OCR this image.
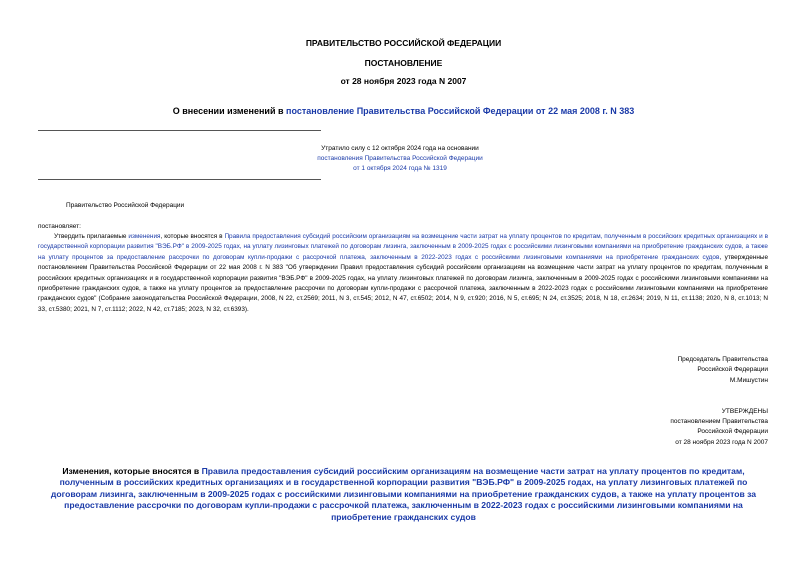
ПРАВИТЕЛЬСТВО РОССИЙСКОЙ ФЕДЕРАЦИИ
ПОСТАНОВЛЕНИЕ
от 28 ноября 2023 года N 2007
О внесении изменений в постановление Правительства Российской Федерации от 22 мая 2008 г. N 383
Утратило силу с 12 октября 2024 года на основании
постановления Правительства Российской Федерации
от 1 октября 2024 года № 1319
Правительство Российской Федерации
постановляет:
Утвердить прилагаемые изменения, которые вносятся в Правила предоставления субсидий российским организациям на возмещение части затрат на уплату процентов по кредитам, полученным в российских кредитных организациях и в государственной корпорации развития "ВЭБ.РФ" в 2009-2025 годах, на уплату лизинговых платежей по договорам лизинга, заключенным в 2009-2025 годах с российскими лизинговыми компаниями на приобретение гражданских судов, а также на уплату процентов за предоставление рассрочки по договорам купли-продажи с рассрочкой платежа, заключенным в 2022-2023 годах с российскими лизинговыми компаниями на приобретение гражданских судов, утвержденные постановлением Правительства Российской Федерации от 22 мая 2008 г. N 383 "Об утверждении Правил предоставления субсидий российским организациям на возмещение части затрат на уплату процентов по кредитам, полученным в российских кредитных организациях и в государственной корпорации развития "ВЭБ.РФ" в 2009-2025 годах, на уплату лизинговых платежей по договорам лизинга, заключенным в 2009-2025 годах с российскими лизинговыми компаниями на приобретение гражданских судов, а также на уплату процентов за предоставление рассрочки по договорам купли-продажи с рассрочкой платежа, заключенным в 2022-2023 годах с российскими лизинговыми компаниями на приобретение гражданских судов" (Собрание законодательства Российской Федерации, 2008, N 22, ст.2569; 2011, N 3, ст.545; 2012, N 47, ст.6502; 2014, N 9, ст.920; 2016, N 5, ст.695; N 24, ст.3525; 2018, N 18, ст.2634; 2019, N 11, ст.1138; 2020, N 8, ст.1013; N 33, ст.5380; 2021, N 7, ст.1112; 2022, N 42, ст.7185; 2023, N 32, ст.6393).
Председатель Правительства
Российской Федерации
М.Мишустин
УТВЕРЖДЕНЫ
постановлением Правительства
Российской Федерации
от 28 ноября 2023 года N 2007
Изменения, которые вносятся в Правила предоставления субсидий российским организациям на возмещение части затрат на уплату процентов по кредитам, полученным в российских кредитных организациях и в государственной корпорации развития "ВЭБ.РФ" в 2009-2025 годах, на уплату лизинговых платежей по договорам лизинга, заключенным в 2009-2025 годах с российскими лизинговыми компаниями на приобретение гражданских судов, а также на уплату процентов за предоставление рассрочки по договорам купли-продажи с рассрочкой платежа, заключенным в 2022-2023 годах с российскими лизинговыми компаниями на приобретение гражданских судов
